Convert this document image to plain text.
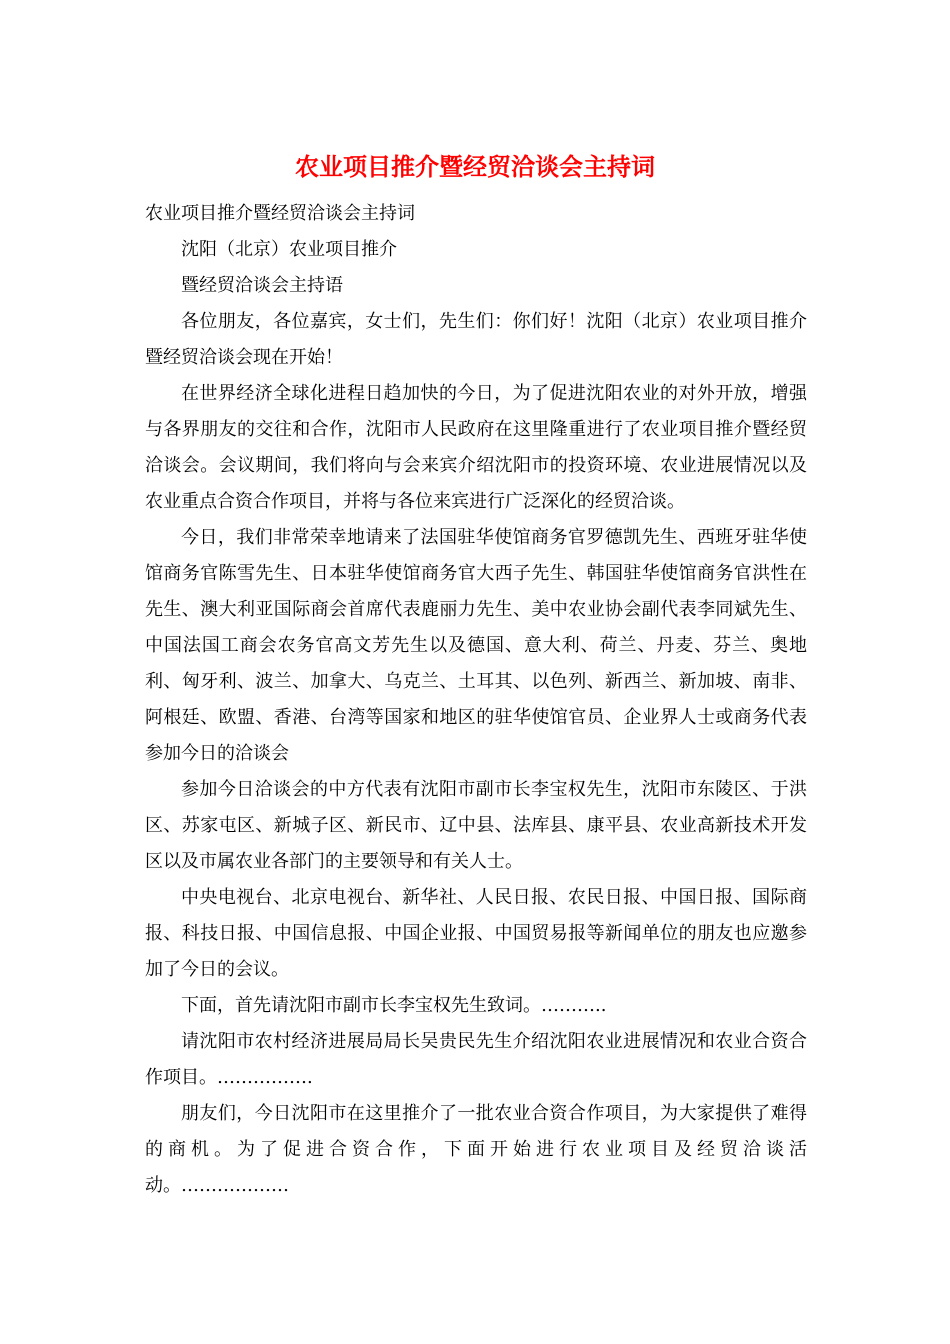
农业项目推介暨经贸洽谈会主持词

农业项目推介暨经贸洽谈会主持词

沈阳（北京）农业项目推介

暨经贸洽谈会主持语

各位朋友，各位嘉宾，女士们，先生们：你们好！沈阳（北京）农业项目推介暨经贸洽谈会现在开始！

在世界经济全球化进程日趋加快的今日，为了促进沈阳农业的对外开放，增强与各界朋友的交往和合作，沈阳市人民政府在这里隆重进行了农业项目推介暨经贸洽谈会。会议期间，我们将向与会来宾介绍沈阳市的投资环境、农业进展情况以及农业重点合资合作项目，并将与各位来宾进行广泛深化的经贸洽谈。

今日，我们非常荣幸地请来了法国驻华使馆商务官罗德凯先生、西班牙驻华使馆商务官陈雪先生、日本驻华使馆商务官大西子先生、韩国驻华使馆商务官洪性在先生、澳大利亚国际商会首席代表鹿丽力先生、美中农业协会副代表李同斌先生、中国法国工商会农务官高文芳先生以及德国、意大利、荷兰、丹麦、芬兰、奥地利、匈牙利、波兰、加拿大、乌克兰、土耳其、以色列、新西兰、新加坡、南非、阿根廷、欧盟、香港、台湾等国家和地区的驻华使馆官员、企业界人士或商务代表参加今日的洽谈会

参加今日洽谈会的中方代表有沈阳市副市长李宝权先生，沈阳市东陵区、于洪区、苏家屯区、新城子区、新民市、辽中县、法库县、康平县、农业高新技术开发区以及市属农业各部门的主要领导和有关人士。

中央电视台、北京电视台、新华社、人民日报、农民日报、中国日报、国际商报、科技日报、中国信息报、中国企业报、中国贸易报等新闻单位的朋友也应邀参加了今日的会议。

下面，首先请沈阳市副市长李宝权先生致词。………..

请沈阳市农村经济进展局局长吴贵民先生介绍沈阳农业进展情况和农业合资合作项目。…………….

朋友们，今日沈阳市在这里推介了一批农业合资合作项目，为大家提供了难得的商机。为了促进合资合作，下面开始进行农业项目及经贸洽谈活动。………………
